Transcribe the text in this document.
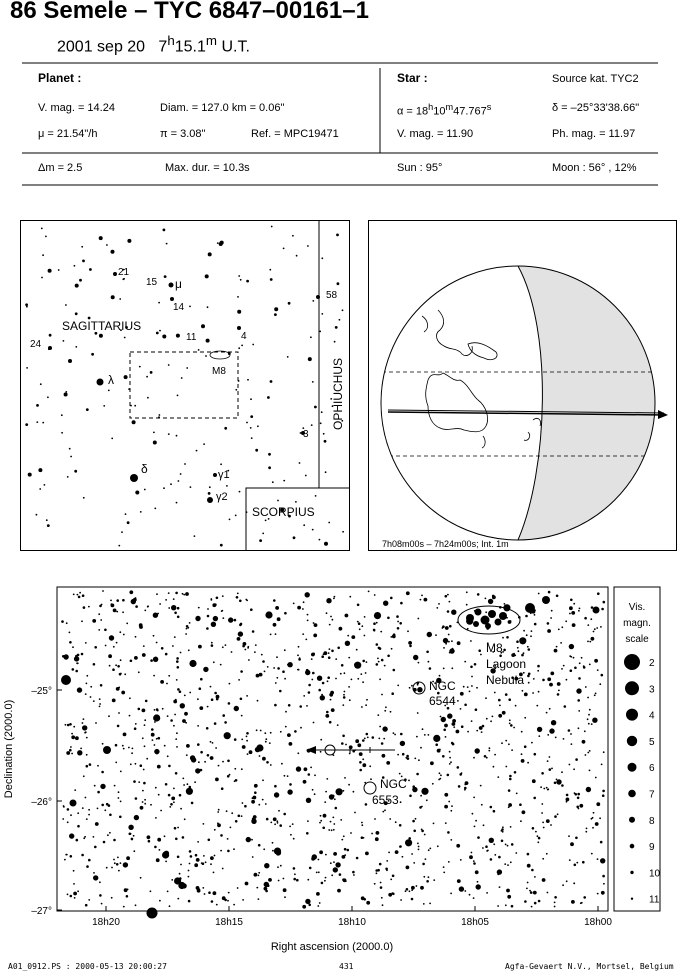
86 Semele – TYC 6847–00161–1
2001 sep 20 7$^h$15.1$^m$ U.T.
Planet :
V. mag. = 14.24	Diam. = 127.0 km = 0.06"
μ = 21.54"/h	π = 3.08"	Ref. = MPC19471
Δm = 2.5	Max. dur. = 10.3s
Star :	Source kat. TYC2
$\alpha = 18^h10^m47.767^s$	δ = –25°33'38.66"
V. mag. = 11.90	Ph. mag. = 11.97
Sun : 95°	Moon : 56° , 12%
SAGITTARIUS
OPHIUCHUS
SCORPIUS
21
15 μ
14
11	4
58
24
λ
M8
3
δ	γ1
γ2
7h08m00s – 7h24m00s; Int. 1m
M8
Lagoon
Nebula
NGC
6544
NGC
6553
18h20	18h15	18h10	18h05	18h00
–25°
–26°
–27°
Right ascension (2000.0)
Declination (2000.0)
Vis.
magn.
scale
2
3
4
5
6
7
8
9
10
11
A01_0912.PS : 2000-05-13 20:00:27	431	Agfa-Gevaert N.V., Mortsel, Belgium
